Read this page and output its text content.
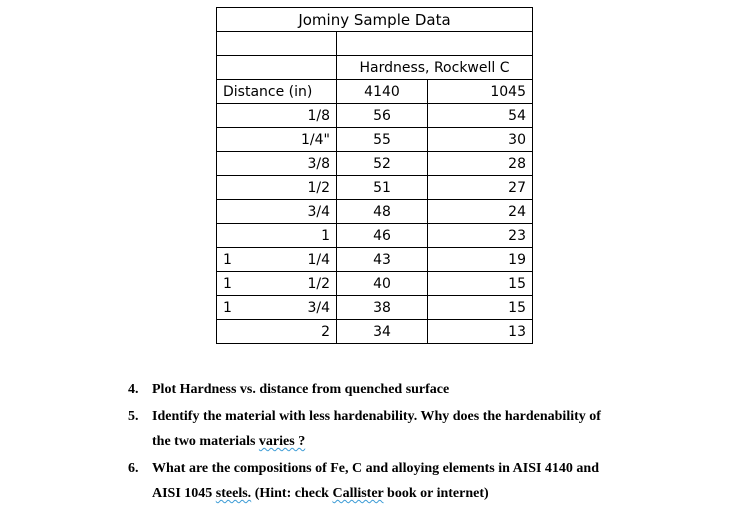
Jominy Sample Data		

	Hardness, Rockwell C	
Distance (in)	4140	1045
1/8	56	54
1/4"	55	30
3/8	52	28
1/2	51	27
3/4	48	24
1	46	23

1 1/4	43	19

1 1/2	40	15

1 3/4	38	15
2	34	13
4. Plot Hardness vs. distance from quenched surface
5. Identify the material with less hardenability. Why does the hardenability of
the two materials varies ?
6. What are the compositions of Fe, C and alloying elements in AISI 4140 and
AISI 1045 steels. (Hint: check Callister book or internet)
